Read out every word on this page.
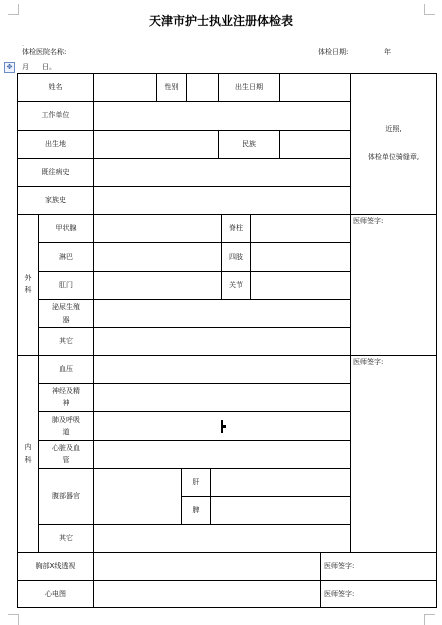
天津市护士执业注册体检表
.
体检医院名称:	体检日期:	年
月 日。
✥
姓名	性别	出生日期
工作单位
出生地	民族
既往病史
家族史
近照,
体检单位骑缝章,
外
科
甲状腺	脊柱
淋巴	四肢
肛门	关节
泌尿生殖
器
其它
医师签字:
内
科
血压
神经及精
神
肺及呼吸
道
心脏及血
管
腹部器官
肝
脾
其它
医师签字:
胸部X线透视	医师签字:
心电图	医师签字:
